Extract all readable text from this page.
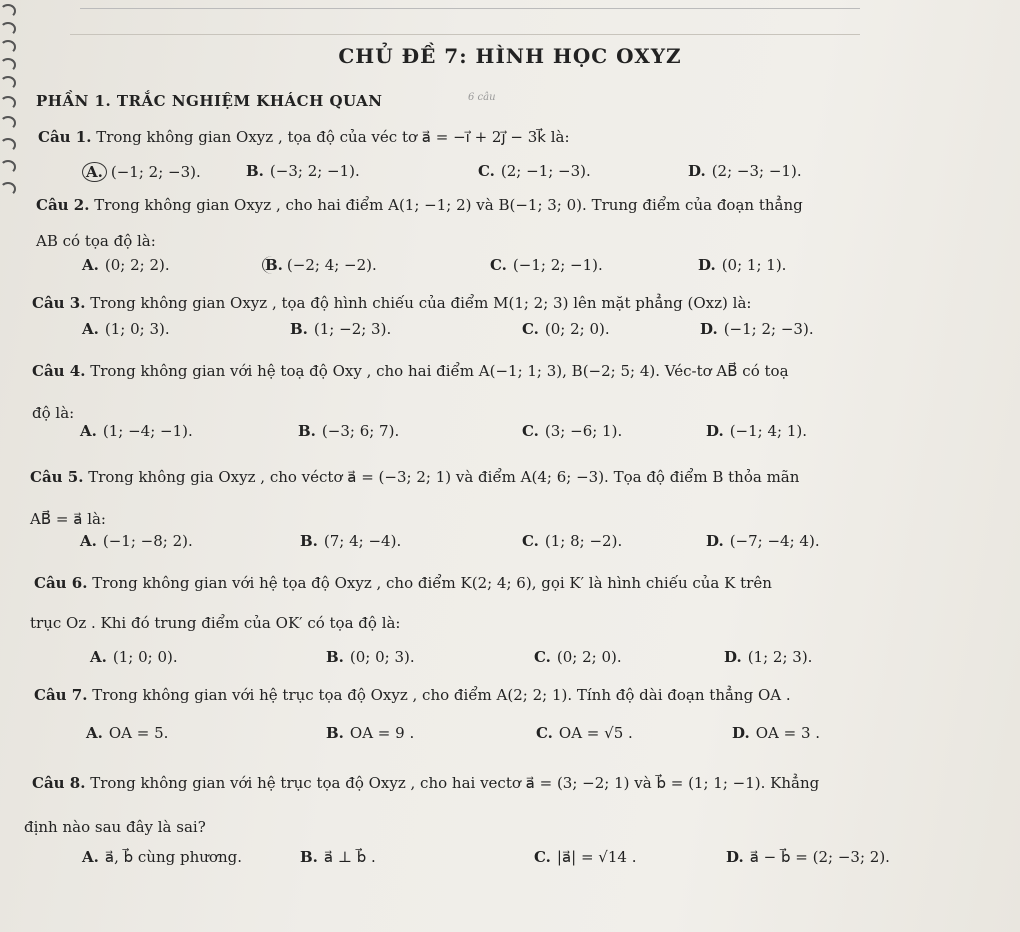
CHỦ ĐỀ 7: HÌNH HỌC OXYZ
PHẦN 1. TRẮC NGHIỆM KHÁCH QUAN	6 câu
Câu 1. Trong không gian Oxyz , tọa độ của véc tơ a⃗ = −i⃗ + 2j⃗ − 3k⃗ là:
A. (−1; 2; −3).	B. (−3; 2; −1).	C. (2; −1; −3).	D. (2; −3; −1).
Câu 2. Trong không gian Oxyz , cho hai điểm A(1; −1; 2) và B(−1; 3; 0). Trung điểm của đoạn thẳng
AB có tọa độ là:
A. (0; 2; 2).	B. (−2; 4; −2).	C. (−1; 2; −1).	D. (0; 1; 1).
Câu 3. Trong không gian Oxyz , tọa độ hình chiếu của điểm M(1; 2; 3) lên mặt phẳng (Oxz) là:
A. (1; 0; 3).	B. (1; −2; 3).	C. (0; 2; 0).	D. (−1; 2; −3).
Câu 4. Trong không gian với hệ toạ độ Oxy , cho hai điểm A(−1; 1; 3), B(−2; 5; 4). Véc-tơ AB⃗ có toạ
độ là:
A. (1; −4; −1).	B. (−3; 6; 7).	C. (3; −6; 1).	D. (−1; 4; 1).
Câu 5. Trong không gia Oxyz , cho véctơ a⃗ = (−3; 2; 1) và điểm A(4; 6; −3). Tọa độ điểm B thỏa mãn
AB⃗ = a⃗ là:
A. (−1; −8; 2).	B. (7; 4; −4).	C. (1; 8; −2).	D. (−7; −4; 4).
Câu 6. Trong không gian với hệ tọa độ Oxyz , cho điểm K(2; 4; 6), gọi K′ là hình chiếu của K trên
trục Oz . Khi đó trung điểm của OK′ có tọa độ là:
A. (1; 0; 0).	B. (0; 0; 3).	C. (0; 2; 0).	D. (1; 2; 3).
Câu 7. Trong không gian với hệ trục tọa độ Oxyz , cho điểm A(2; 2; 1). Tính độ dài đoạn thẳng OA .
A. OA = 5.	B. OA = 9 .	C. OA = √5 .	D. OA = 3 .
Câu 8. Trong không gian với hệ trục tọa độ Oxyz , cho hai vectơ a⃗ = (3; −2; 1) và b⃗ = (1; 1; −1). Khẳng
định nào sau đây là sai?
A. a⃗, b⃗ cùng phương.	B. a⃗ ⊥ b⃗ .	C. |a⃗| = √14 .	D. a⃗ − b⃗ = (2; −3; 2).
